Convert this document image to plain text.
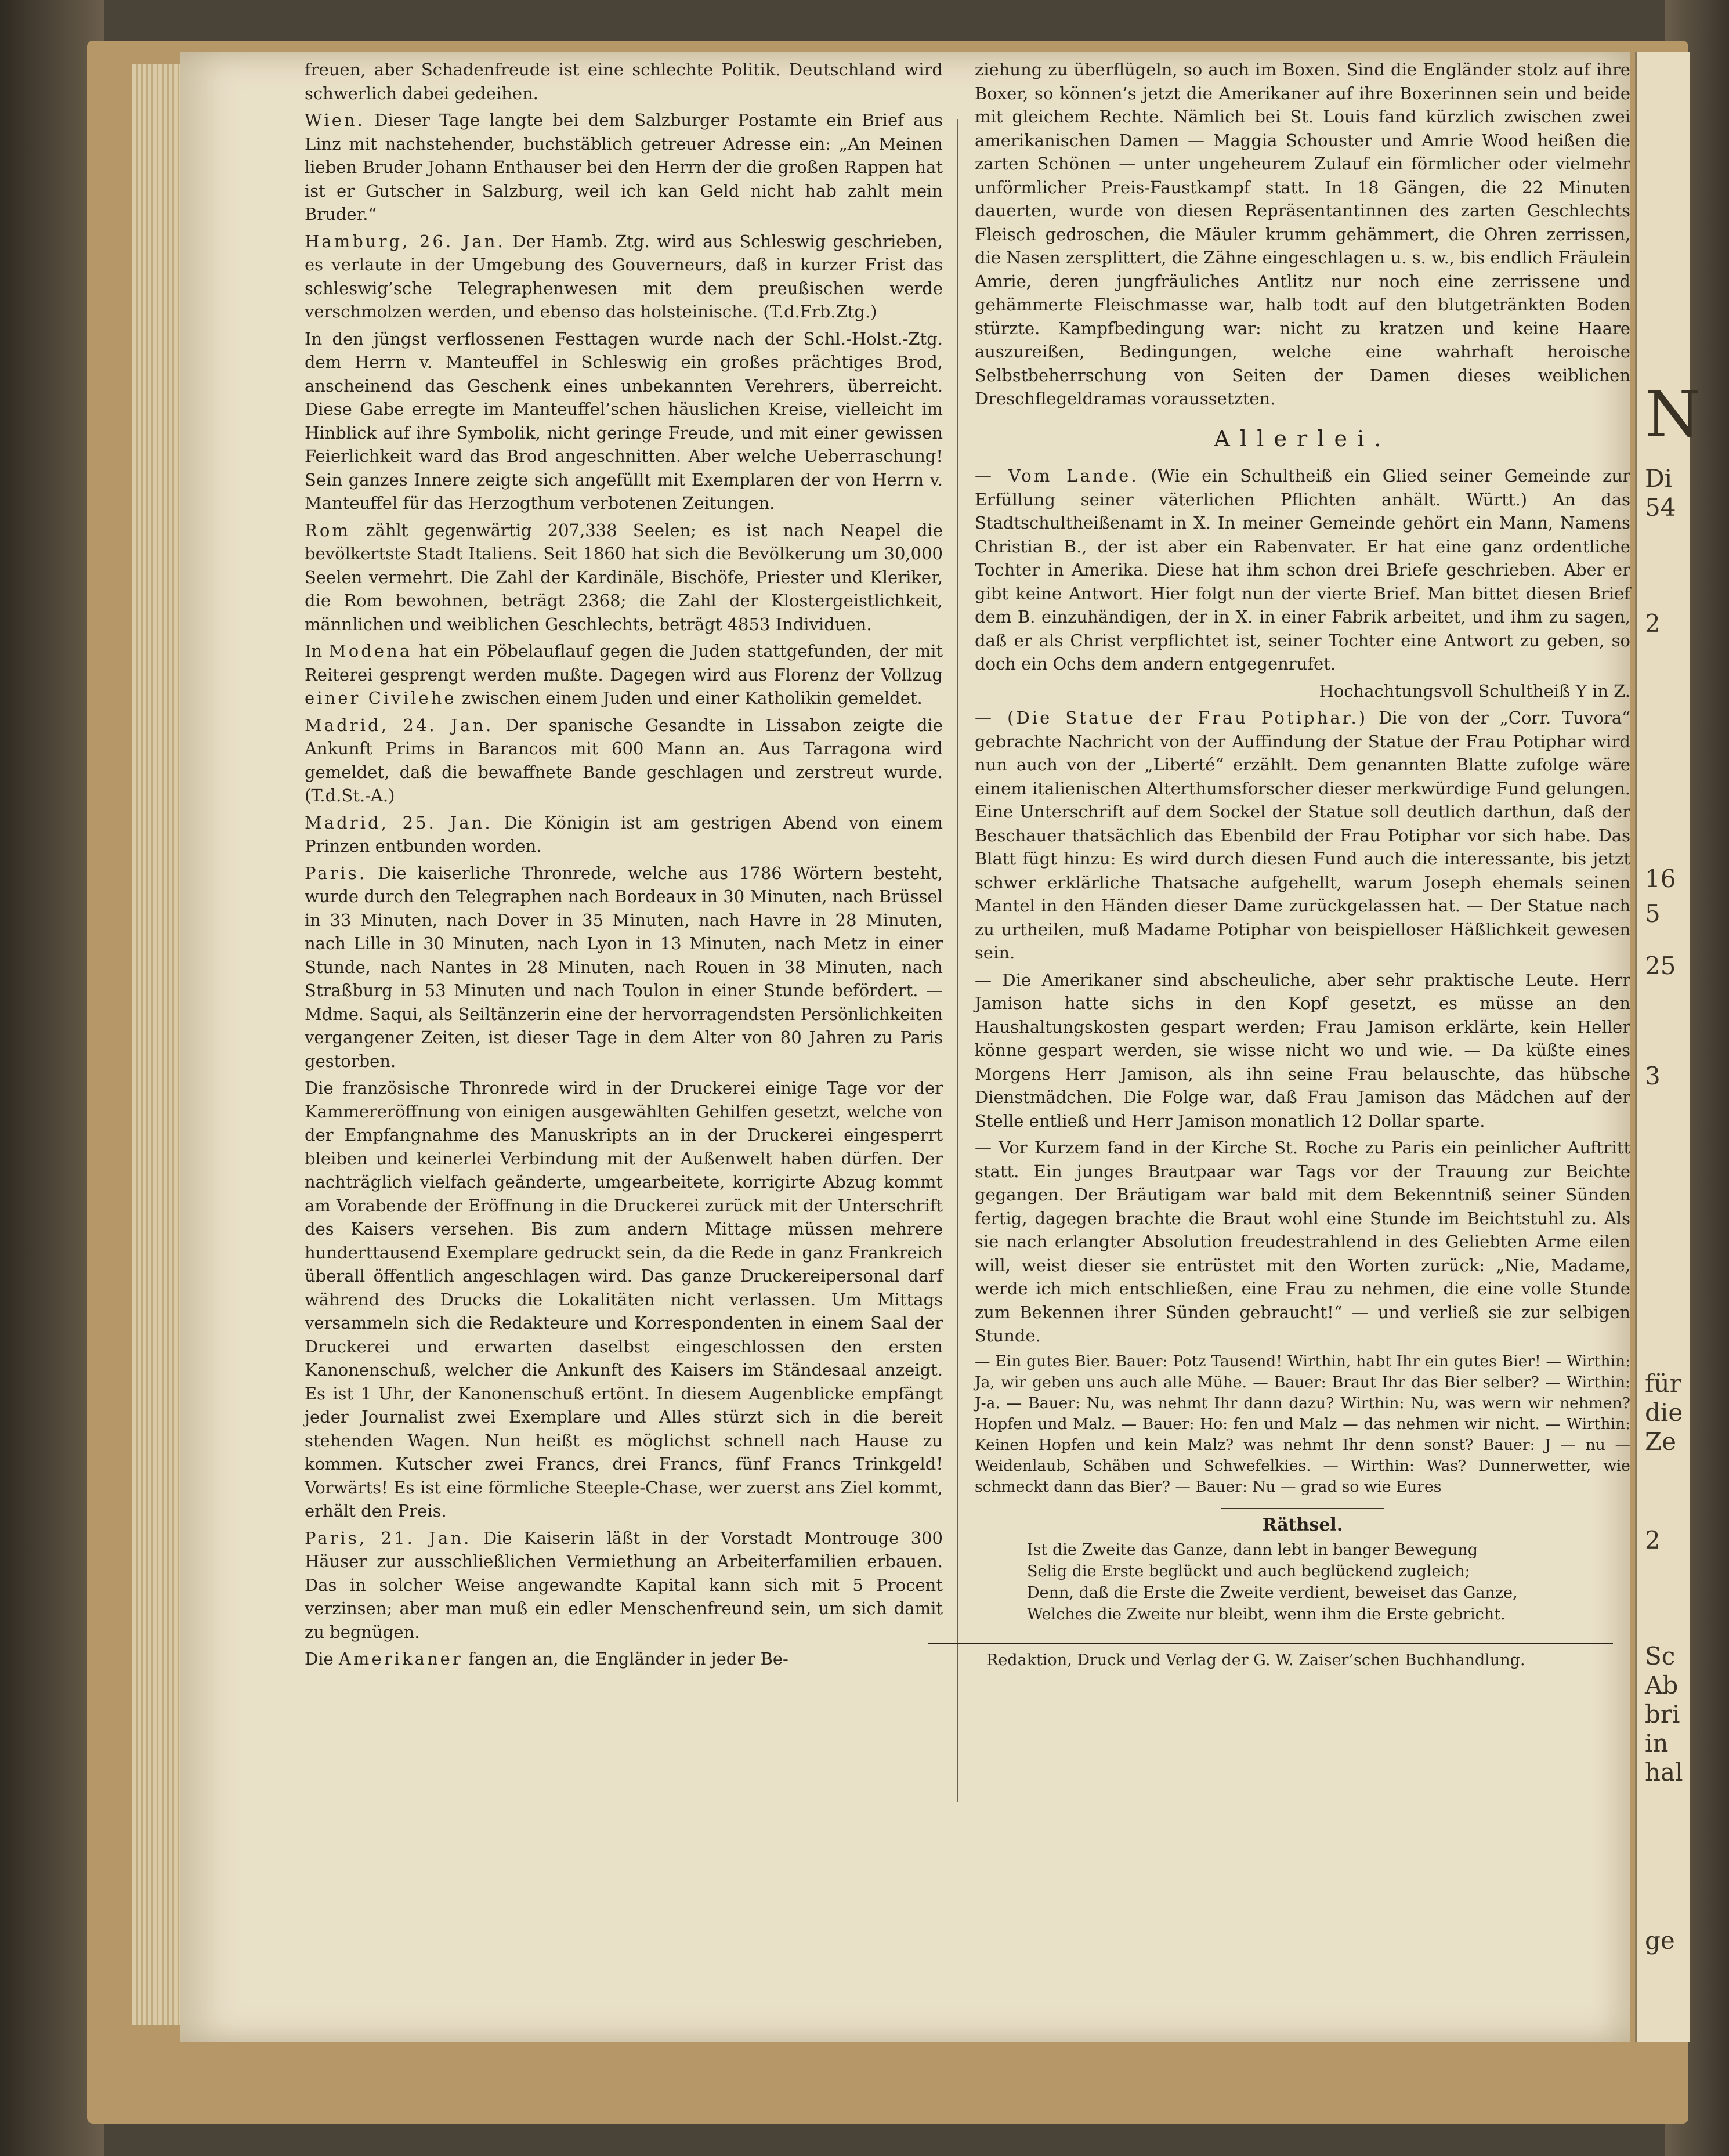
N
Di
54
2
16
5
25
3
für
die
Ze
2
Sc
Ab
bri
in
hal
ge

freuen, aber Schadenfreude ist eine schlechte Politik. Deutschland wird schwerlich dabei gedeihen.

Wien. Dieser Tage langte bei dem Salzburger Postamte ein Brief aus Linz mit nachstehender, buchstäblich getreuer Adresse ein: „An Meinen lieben Bruder Johann Enthauser bei den Herrn der die großen Rappen hat ist er Gutscher in Salzburg, weil ich kan Geld nicht hab zahlt mein Bruder.“

Hamburg, 26. Jan. Der Hamb. Ztg. wird aus Schleswig geschrieben, es verlaute in der Umgebung des Gouverneurs, daß in kurzer Frist das schleswig’sche Telegraphenwesen mit dem preußischen werde verschmolzen werden, und ebenso das holsteinische. (T.d.Frb.Ztg.)

In den jüngst verflossenen Festtagen wurde nach der Schl.-Holst.-Ztg. dem Herrn v. Manteuffel in Schleswig ein großes prächtiges Brod, anscheinend das Geschenk eines unbekannten Verehrers, überreicht. Diese Gabe erregte im Manteuffel’schen häuslichen Kreise, vielleicht im Hinblick auf ihre Symbolik, nicht geringe Freude, und mit einer gewissen Feierlichkeit ward das Brod angeschnitten. Aber welche Ueberraschung! Sein ganzes Innere zeigte sich angefüllt mit Exemplaren der von Herrn v. Manteuffel für das Herzogthum verbotenen Zeitungen.

Rom zählt gegenwärtig 207,338 Seelen; es ist nach Neapel die bevölkertste Stadt Italiens. Seit 1860 hat sich die Bevölkerung um 30,000 Seelen vermehrt. Die Zahl der Kardinäle, Bischöfe, Priester und Kleriker, die Rom bewohnen, beträgt 2368; die Zahl der Klostergeistlichkeit, männlichen und weiblichen Geschlechts, beträgt 4853 Individuen.

In Modena hat ein Pöbelauflauf gegen die Juden stattgefunden, der mit Reiterei gesprengt werden mußte. Dagegen wird aus Florenz der Vollzug einer Civilehe zwischen einem Juden und einer Katholikin gemeldet.

Madrid, 24. Jan. Der spanische Gesandte in Lissabon zeigte die Ankunft Prims in Barancos mit 600 Mann an. Aus Tarragona wird gemeldet, daß die bewaffnete Bande geschlagen und zerstreut wurde. (T.d.St.-A.)

Madrid, 25. Jan. Die Königin ist am gestrigen Abend von einem Prinzen entbunden worden.

Paris. Die kaiserliche Thronrede, welche aus 1786 Wörtern besteht, wurde durch den Telegraphen nach Bordeaux in 30 Minuten, nach Brüssel in 33 Minuten, nach Dover in 35 Minuten, nach Havre in 28 Minuten, nach Lille in 30 Minuten, nach Lyon in 13 Minuten, nach Metz in einer Stunde, nach Nantes in 28 Minuten, nach Rouen in 38 Minuten, nach Straßburg in 53 Minuten und nach Toulon in einer Stunde befördert. — Mdme. Saqui, als Seiltänzerin eine der hervorragendsten Persönlichkeiten vergangener Zeiten, ist dieser Tage in dem Alter von 80 Jahren zu Paris gestorben.

Die französische Thronrede wird in der Druckerei einige Tage vor der Kammereröffnung von einigen ausgewählten Gehilfen gesetzt, welche von der Empfangnahme des Manuskripts an in der Druckerei eingesperrt bleiben und keinerlei Verbindung mit der Außenwelt haben dürfen. Der nachträglich vielfach geänderte, umgearbeitete, korrigirte Abzug kommt am Vorabende der Eröffnung in die Druckerei zurück mit der Unterschrift des Kaisers versehen. Bis zum andern Mittage müssen mehrere hunderttausend Exemplare gedruckt sein, da die Rede in ganz Frankreich überall öffentlich angeschlagen wird. Das ganze Druckereipersonal darf während des Drucks die Lokalitäten nicht verlassen. Um Mittags versammeln sich die Redakteure und Korrespondenten in einem Saal der Druckerei und erwarten daselbst eingeschlossen den ersten Kanonenschuß, welcher die Ankunft des Kaisers im Ständesaal anzeigt. Es ist 1 Uhr, der Kanonenschuß ertönt. In diesem Augenblicke empfängt jeder Journalist zwei Exemplare und Alles stürzt sich in die bereit stehenden Wagen. Nun heißt es möglichst schnell nach Hause zu kommen. Kutscher zwei Francs, drei Francs, fünf Francs Trinkgeld! Vorwärts! Es ist eine förmliche Steeple-Chase, wer zuerst ans Ziel kommt, erhält den Preis.

Paris, 21. Jan. Die Kaiserin läßt in der Vorstadt Montrouge 300 Häuser zur ausschließlichen Vermiethung an Arbeiterfamilien erbauen. Das in solcher Weise angewandte Kapital kann sich mit 5 Procent verzinsen; aber man muß ein edler Menschenfreund sein, um sich damit zu begnügen.

Die Amerikaner fangen an, die Engländer in jeder Be-

ziehung zu überflügeln, so auch im Boxen. Sind die Engländer stolz auf ihre Boxer, so können’s jetzt die Amerikaner auf ihre Boxerinnen sein und beide mit gleichem Rechte. Nämlich bei St. Louis fand kürzlich zwischen zwei amerikanischen Damen — Maggia Schouster und Amrie Wood heißen die zarten Schönen — unter ungeheurem Zulauf ein förmlicher oder vielmehr unförmlicher Preis-Faustkampf statt. In 18 Gängen, die 22 Minuten dauerten, wurde von diesen Repräsentantinnen des zarten Geschlechts Fleisch gedroschen, die Mäuler krumm gehämmert, die Ohren zerrissen, die Nasen zersplittert, die Zähne eingeschlagen u. s. w., bis endlich Fräulein Amrie, deren jungfräuliches Antlitz nur noch eine zerrissene und gehämmerte Fleischmasse war, halb todt auf den blutgetränkten Boden stürzte. Kampfbedingung war: nicht zu kratzen und keine Haare auszureißen, Bedingungen, welche eine wahrhaft heroische Selbstbeherrschung von Seiten der Damen dieses weiblichen Dreschflegeldramas voraussetzten.

Allerlei.

— Vom Lande. (Wie ein Schultheiß ein Glied seiner Gemeinde zur Erfüllung seiner väterlichen Pflichten anhält. Württ.) An das Stadtschultheißenamt in X. In meiner Gemeinde gehört ein Mann, Namens Christian B., der ist aber ein Rabenvater. Er hat eine ganz ordentliche Tochter in Amerika. Diese hat ihm schon drei Briefe geschrieben. Aber er gibt keine Antwort. Hier folgt nun der vierte Brief. Man bittet diesen Brief dem B. einzuhändigen, der in X. in einer Fabrik arbeitet, und ihm zu sagen, daß er als Christ verpflichtet ist, seiner Tochter eine Antwort zu geben, so doch ein Ochs dem andern entgegenrufet.

Hochachtungsvoll Schultheiß Y in Z.

— (Die Statue der Frau Potiphar.) Die von der „Corr. Tuvora“ gebrachte Nachricht von der Auffindung der Statue der Frau Potiphar wird nun auch von der „Liberté“ erzählt. Dem genannten Blatte zufolge wäre einem italienischen Alterthumsforscher dieser merkwürdige Fund gelungen. Eine Unterschrift auf dem Sockel der Statue soll deutlich darthun, daß der Beschauer thatsächlich das Ebenbild der Frau Potiphar vor sich habe. Das Blatt fügt hinzu: Es wird durch diesen Fund auch die interessante, bis jetzt schwer erklärliche Thatsache aufgehellt, warum Joseph ehemals seinen Mantel in den Händen dieser Dame zurückgelassen hat. — Der Statue nach zu urtheilen, muß Madame Potiphar von beispielloser Häßlichkeit gewesen sein.

— Die Amerikaner sind abscheuliche, aber sehr praktische Leute. Herr Jamison hatte sichs in den Kopf gesetzt, es müsse an den Haushaltungskosten gespart werden; Frau Jamison erklärte, kein Heller könne gespart werden, sie wisse nicht wo und wie. — Da küßte eines Morgens Herr Jamison, als ihn seine Frau belauschte, das hübsche Dienstmädchen. Die Folge war, daß Frau Jamison das Mädchen auf der Stelle entließ und Herr Jamison monatlich 12 Dollar sparte.

— Vor Kurzem fand in der Kirche St. Roche zu Paris ein peinlicher Auftritt statt. Ein junges Brautpaar war Tags vor der Trauung zur Beichte gegangen. Der Bräutigam war bald mit dem Bekenntniß seiner Sünden fertig, dagegen brachte die Braut wohl eine Stunde im Beichtstuhl zu. Als sie nach erlangter Absolution freudestrahlend in des Geliebten Arme eilen will, weist dieser sie entrüstet mit den Worten zurück: „Nie, Madame, werde ich mich entschließen, eine Frau zu nehmen, die eine volle Stunde zum Bekennen ihrer Sünden gebraucht!“ — und verließ sie zur selbigen Stunde.

— Ein gutes Bier. Bauer: Potz Tausend! Wirthin, habt Ihr ein gutes Bier! — Wirthin: Ja, wir geben uns auch alle Mühe. — Bauer: Braut Ihr das Bier selber? — Wirthin: J-a. — Bauer: Nu, was nehmt Ihr dann dazu? Wirthin: Nu, was wern wir nehmen? Hopfen und Malz. — Bauer: Ho: fen und Malz — das nehmen wir nicht. — Wirthin: Keinen Hopfen und kein Malz? was nehmt Ihr denn sonst? Bauer: J — nu — Weidenlaub, Schäben und Schwefelkies. — Wirthin: Was? Dunnerwetter, wie schmeckt dann das Bier? — Bauer: Nu — grad so wie Eures

Räthsel.

Ist die Zweite das Ganze, dann lebt in banger Bewegung

Selig die Erste beglückt und auch beglückend zugleich;

Denn, daß die Erste die Zweite verdient, beweiset das Ganze,

Welches die Zweite nur bleibt, wenn ihm die Erste gebricht.

Redaktion, Druck und Verlag der G. W. Zaiser’schen Buchhandlung.
